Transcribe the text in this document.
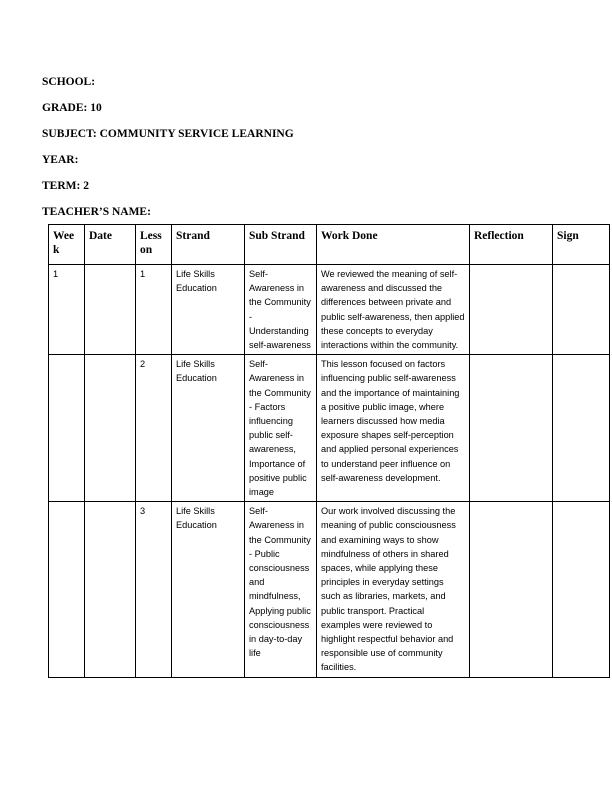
SCHOOL:
GRADE: 10
SUBJECT: COMMUNITY SERVICE LEARNING
YEAR:
TERM: 2
TEACHER’S NAME:
Week	Date	Lesson	Strand	Sub Strand	Work Done	Reflection	Sign
1		1	Life Skills Education	Self-Awareness in the Community - Understanding self-awareness	We reviewed the meaning of self-awareness and discussed the differences between private and public self-awareness, then applied these concepts to everyday interactions within the community.		
		2	Life Skills Education	Self-Awareness in the Community - Factors influencing public self-awareness, Importance of positive public image	This lesson focused on factors influencing public self-awareness and the importance of maintaining a positive public image, where learners discussed how media exposure shapes self-perception and applied personal experiences to understand peer influence on self-awareness development.		
		3	Life Skills Education	Self-Awareness in the Community - Public consciousness and mindfulness, Applying public consciousness in day-to-day life	Our work involved discussing the meaning of public consciousness and examining ways to show mindfulness of others in shared spaces, while applying these principles in everyday settings such as libraries, markets, and public transport. Practical examples were reviewed to highlight respectful behavior and responsible use of community facilities.		
